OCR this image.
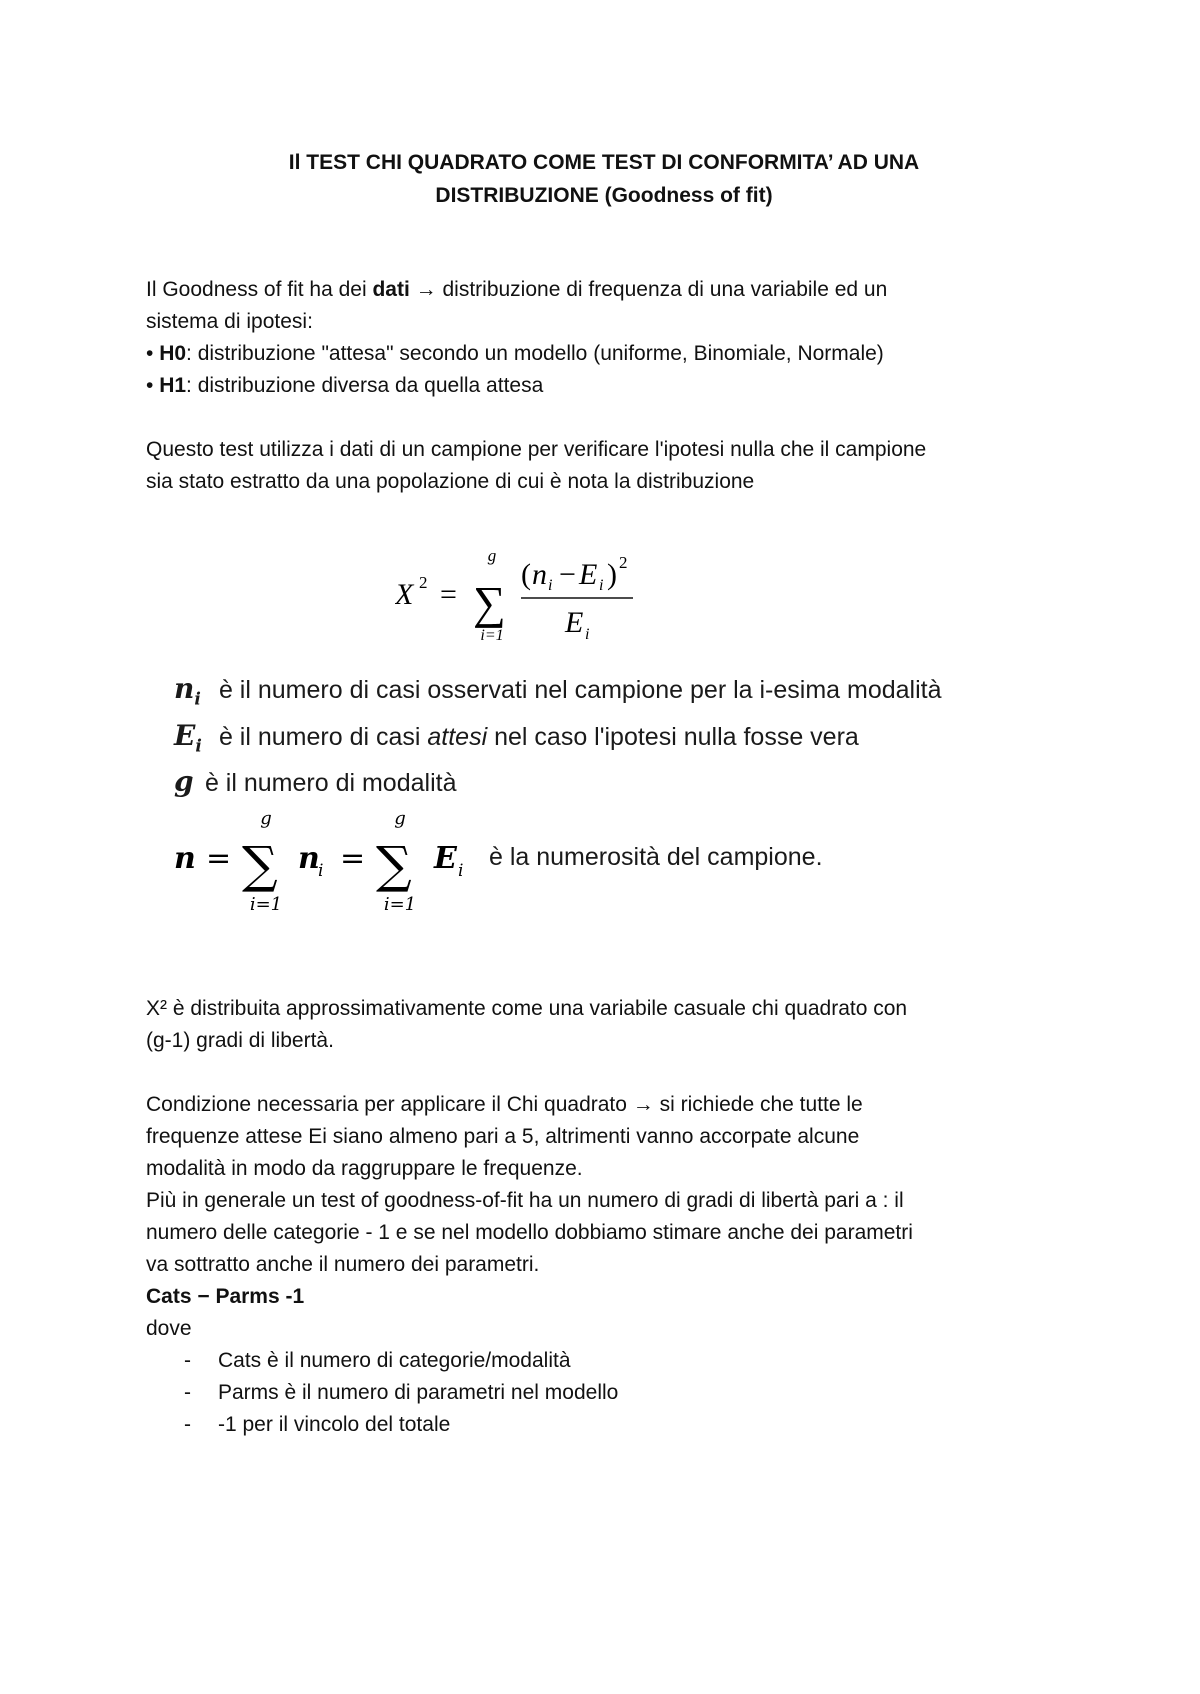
Il TEST CHI QUADRATO COME TEST DI CONFORMITA’ AD UNA
DISTRIBUZIONE (Goodness of fit)
Il Goodness of fit ha dei dati → distribuzione di frequenza di una variabile ed un
sistema di ipotesi:
• H0: distribuzione "attesa" secondo un modello (uniforme, Binomiale, Normale)
• H1: distribuzione diversa da quella attesa
Questo test utilizza i dati di un campione per verificare l'ipotesi nulla che il campione
sia stato estratto da una popolazione di cui è nota la distribuzione
X 2 =
g
∑
i=1
( n i − E i ) 2
E i
$n_i$ è il numero di casi osservati nel campione per la i-esima modalità
$E_i$ è il numero di casi attesi nel caso l'ipotesi nulla fosse vera
g è il numero di modalità
n =
g
∑
i=1
n
i =
g
∑
i=1
E i è la numerosità del campione.
X² è distribuita approssimativamente come una variabile casuale chi quadrato con
(g-1) gradi di libertà.
Condizione necessaria per applicare il Chi quadrato → si richiede che tutte le
frequenze attese Ei siano almeno pari a 5, altrimenti vanno accorpate alcune
modalità in modo da raggruppare le frequenze.
Più in generale un test of goodness-of-fit ha un numero di gradi di libertà pari a : il
numero delle categorie - 1 e se nel modello dobbiamo stimare anche dei parametri
va sottratto anche il numero dei parametri.
Cats − Parms -1
dove
- Cats è il numero di categorie/modalità
- Parms è il numero di parametri nel modello
- -1 per il vincolo del totale
